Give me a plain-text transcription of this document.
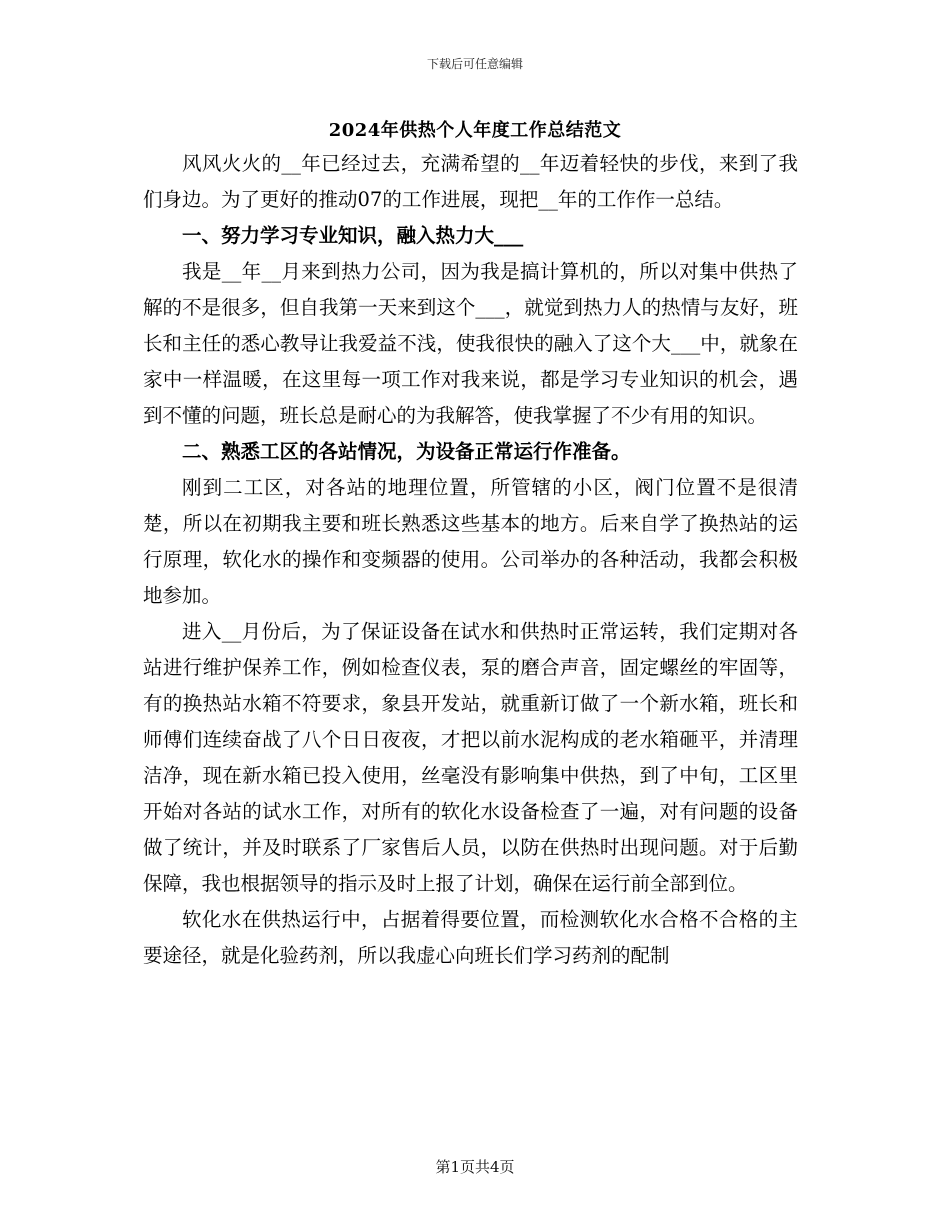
下载后可任意编辑
2024年供热个人年度工作总结范文

风风火火的__年已经过去，充满希望的__年迈着轻快的步伐，来到了我们身边。为了更好的推动07的工作进展，现把__年的工作作一总结。

一、努力学习专业知识，融入热力大___

我是__年__月来到热力公司，因为我是搞计算机的，所以对集中供热了解的不是很多，但自我第一天来到这个___，就觉到热力人的热情与友好，班长和主任的悉心教导让我爱益不浅，使我很快的融入了这个大___中，就象在家中一样温暖，在这里每一项工作对我来说，都是学习专业知识的机会，遇到不懂的问题，班长总是耐心的为我解答，使我掌握了不少有用的知识。

二、熟悉工区的各站情况，为设备正常运行作准备。

刚到二工区，对各站的地理位置，所管辖的小区，阀门位置不是很清楚，所以在初期我主要和班长熟悉这些基本的地方。后来自学了换热站的运行原理，软化水的操作和变频器的使用。公司举办的各种活动，我都会积极地参加。

进入__月份后，为了保证设备在试水和供热时正常运转，我们定期对各站进行维护保养工作，例如检查仪表，泵的磨合声音，固定螺丝的牢固等，有的换热站水箱不符要求，象县开发站，就重新订做了一个新水箱，班长和师傅们连续奋战了八个日日夜夜，才把以前水泥构成的老水箱砸平，并清理洁净，现在新水箱已投入使用，丝毫没有影响集中供热，到了中旬，工区里开始对各站的试水工作，对所有的软化水设备检查了一遍，对有问题的设备做了统计，并及时联系了厂家售后人员，以防在供热时出现问题。对于后勤保障，我也根据领导的指示及时上报了计划，确保在运行前全部到位。

软化水在供热运行中，占据着得要位置，而检测软化水合格不合格的主要途径，就是化验药剂，所以我虚心向班长们学习药剂的配制

第1页共4页
